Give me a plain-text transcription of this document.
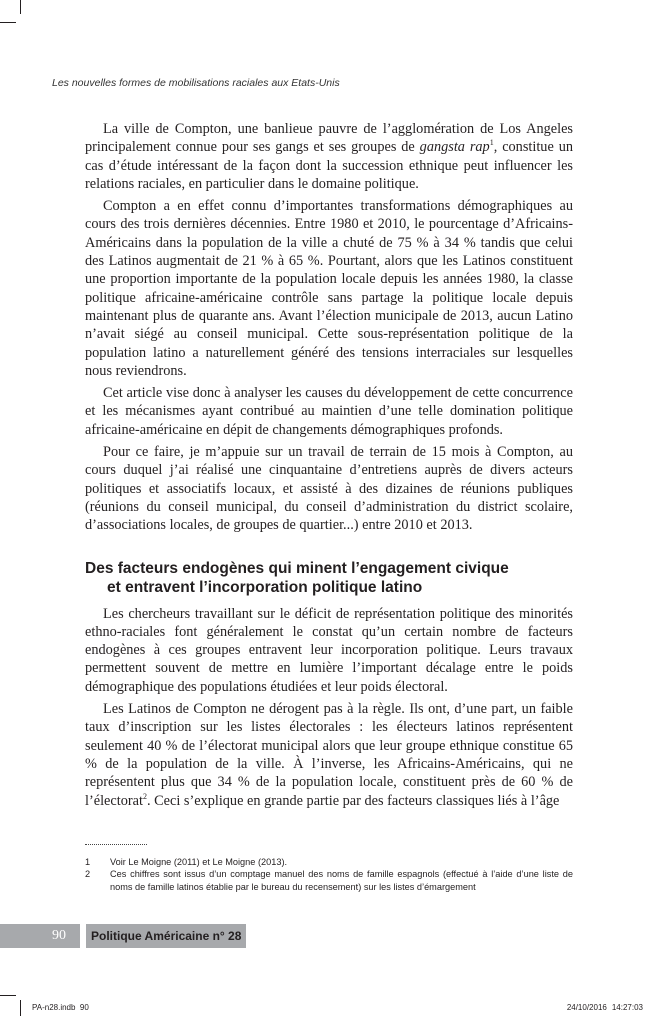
Les nouvelles formes de mobilisations raciales aux Etats-Unis

La ville de Compton, une banlieue pauvre de l’agglomération de Los Angeles principalement connue pour ses gangs et ses groupes de gangsta rap$^1$, constitue un cas d’étude intéressant de la façon dont la succession ethnique peut influencer les relations raciales, en particulier dans le domaine politique.

Compton a en effet connu d’importantes transformations démographiques au cours des trois dernières décennies. Entre 1980 et 2010, le pourcentage d’Africains-Américains dans la population de la ville a chuté de 75 % à 34 % tandis que celui des Latinos augmentait de 21 % à 65 %. Pourtant, alors que les Latinos constituent une proportion importante de la population locale depuis les années 1980, la classe politique africaine-américaine contrôle sans partage la politique locale depuis maintenant plus de quarante ans. Avant l’élection municipale de 2013, aucun Latino n’avait siégé au conseil municipal. Cette sous-représentation politique de la population latino a naturellement généré des tensions interraciales sur lesquelles nous reviendrons.

Cet article vise donc à analyser les causes du développement de cette concurrence et les mécanismes ayant contribué au maintien d’une telle domination politique africaine-américaine en dépit de changements démographiques profonds.

Pour ce faire, je m’appuie sur un travail de terrain de 15 mois à Compton, au cours duquel j’ai réalisé une cinquantaine d’entretiens auprès de divers acteurs politiques et associatifs locaux, et assisté à des dizaines de réunions publiques (réunions du conseil municipal, du conseil d’administration du district scolaire, d’associations locales, de groupes de quartier...) entre 2010 et 2013.

Des facteurs endogènes qui minent l’engagement civique
et entravent l’incorporation politique latino

Les chercheurs travaillant sur le déficit de représentation politique des minorités ethno-raciales font généralement le constat qu’un certain nombre de facteurs endogènes à ces groupes entravent leur incorporation politique. Leurs travaux permettent souvent de mettre en lumière l’important décalage entre le poids démographique des populations étudiées et leur poids électoral.

Les Latinos de Compton ne dérogent pas à la règle. Ils ont, d’une part, un faible taux d’inscription sur les listes électorales : les électeurs latinos représentent seulement 40 % de l’électorat municipal alors que leur groupe ethnique constitue 65 % de la population de la ville. À l’inverse, les Africains-Américains, qui ne représentent plus que 34 % de la population locale, constituent près de 60 % de l’électorat$^2$. Ceci s’explique en grande partie par des facteurs classiques liés à l’âge

1	Voir Le Moigne (2011) et Le Moigne (2013).
2	Ces chiffres sont issus d’un comptage manuel des noms de famille espagnols (effectué à l’aide d’une liste de noms de famille latinos établie par le bureau du recensement) sur les listes d’émargement
90	Politique Américaine n° 28
PA-n28.indb 90	24/10/2016 14:27:03
